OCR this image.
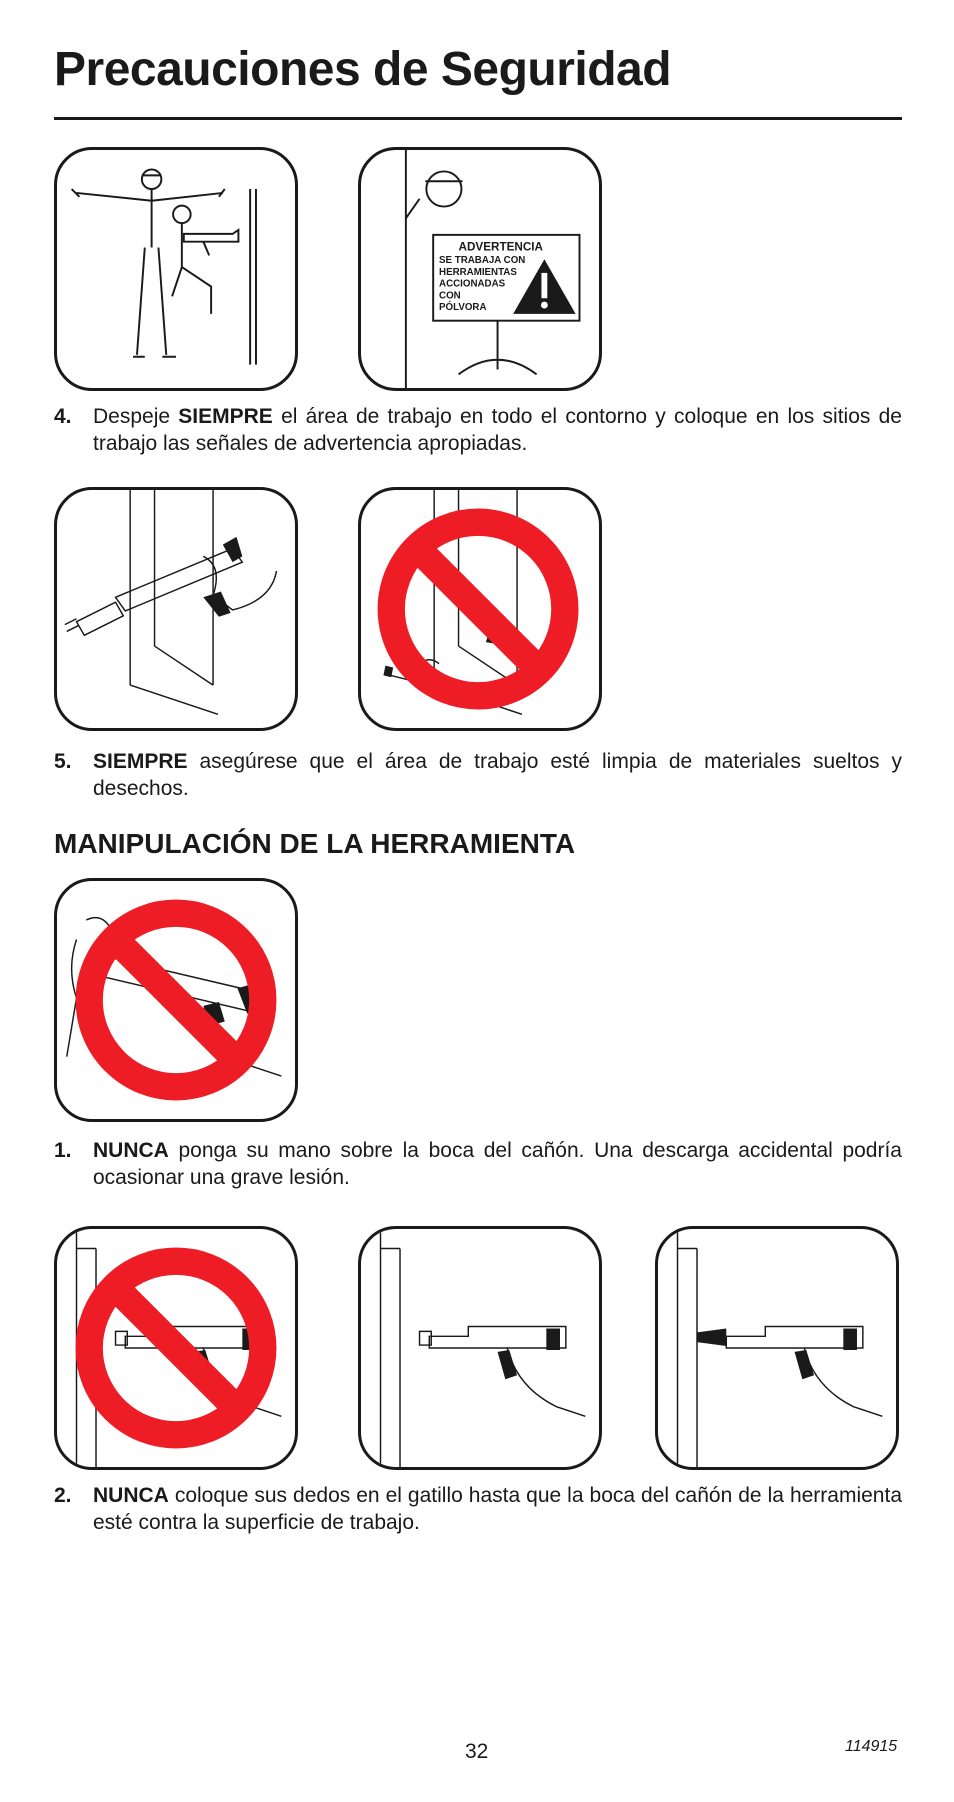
Precauciones de Seguridad
ADVERTENCIA
SE TRABAJA CON
HERRAMIENTAS
ACCIONADAS
CON
PÓLVORA
4. Despeje SIEMPRE el área de trabajo en todo el contorno y coloque en los sitios de trabajo las señales de advertencia apropiadas.
5. SIEMPRE asegúrese que el área de trabajo esté limpia de materiales sueltos y desechos.
MANIPULACIÓN DE LA HERRAMIENTA
1. NUNCA ponga su mano sobre la boca del cañón. Una descarga accidental podría ocasionar una grave lesión.
2. NUNCA coloque sus dedos en el gatillo hasta que la boca del cañón de la herramienta esté contra la superficie de trabajo.
32	114915
